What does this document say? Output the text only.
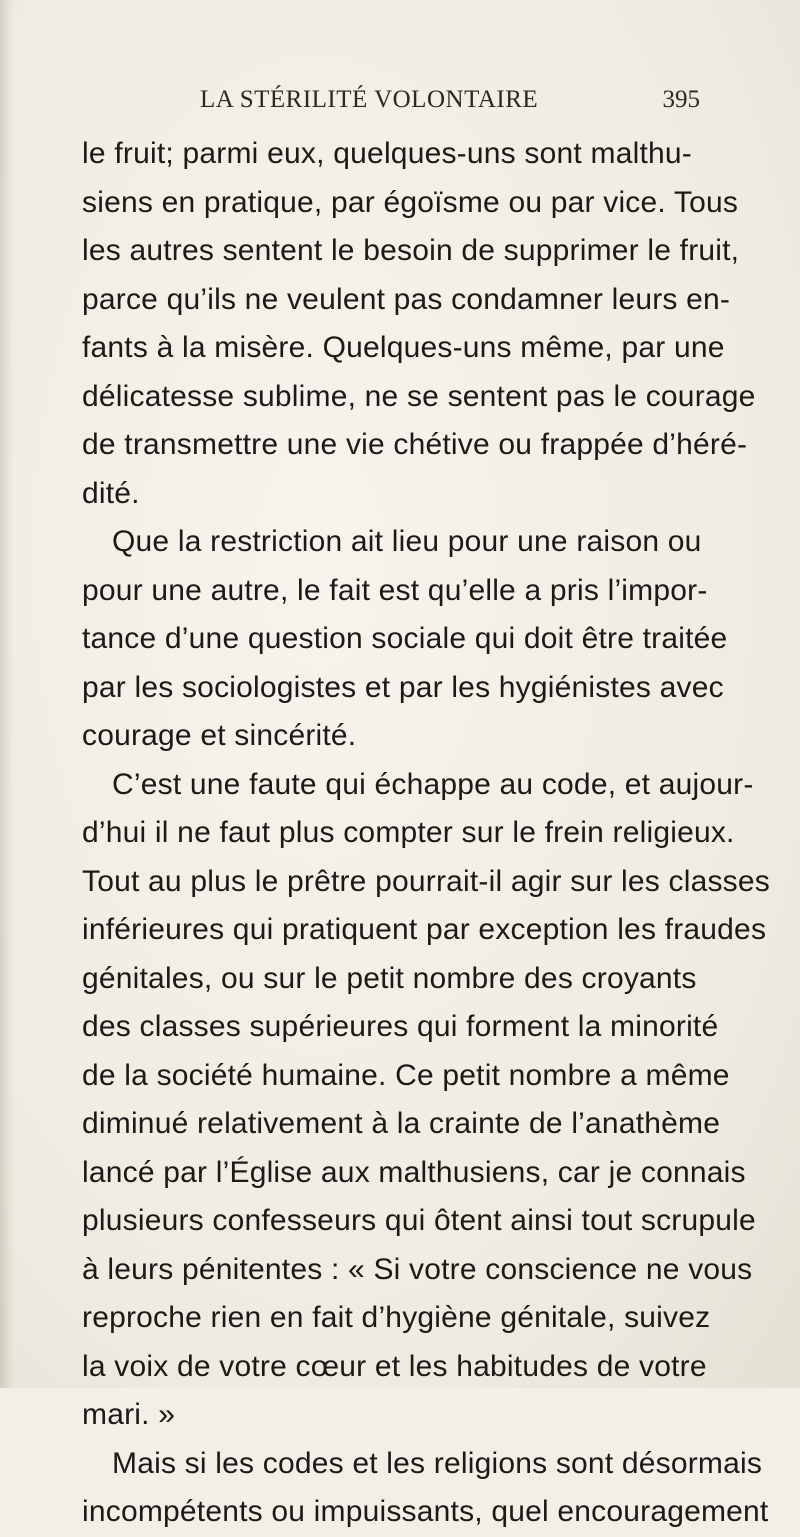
LA STÉRILITÉ VOLONTAIRE	395
le fruit; parmi eux, quelques-uns sont malthu-
siens en pratique, par égoïsme ou par vice. Tous
les autres sentent le besoin de supprimer le fruit,
parce qu’ils ne veulent pas condamner leurs en-
fants à la misère. Quelques-uns même, par une
délicatesse sublime, ne se sentent pas le courage
de transmettre une vie chétive ou frappée d’héré-
dité.
Que la restriction ait lieu pour une raison ou
pour une autre, le fait est qu’elle a pris l’impor-
tance d’une question sociale qui doit être traitée
par les sociologistes et par les hygiénistes avec
courage et sincérité.
C’est une faute qui échappe au code, et aujour-
d’hui il ne faut plus compter sur le frein religieux.
Tout au plus le prêtre pourrait-il agir sur les classes
inférieures qui pratiquent par exception les fraudes
génitales, ou sur le petit nombre des croyants
des classes supérieures qui forment la minorité
de la société humaine. Ce petit nombre a même
diminué relativement à la crainte de l’anathème
lancé par l’Église aux malthusiens, car je connais
plusieurs confesseurs qui ôtent ainsi tout scrupule
à leurs pénitentes : « Si votre conscience ne vous
reproche rien en fait d’hygiène génitale, suivez
la voix de votre cœur et les habitudes de votre
mari. »
Mais si les codes et les religions sont désormais
incompétents ou impuissants, quel encouragement
